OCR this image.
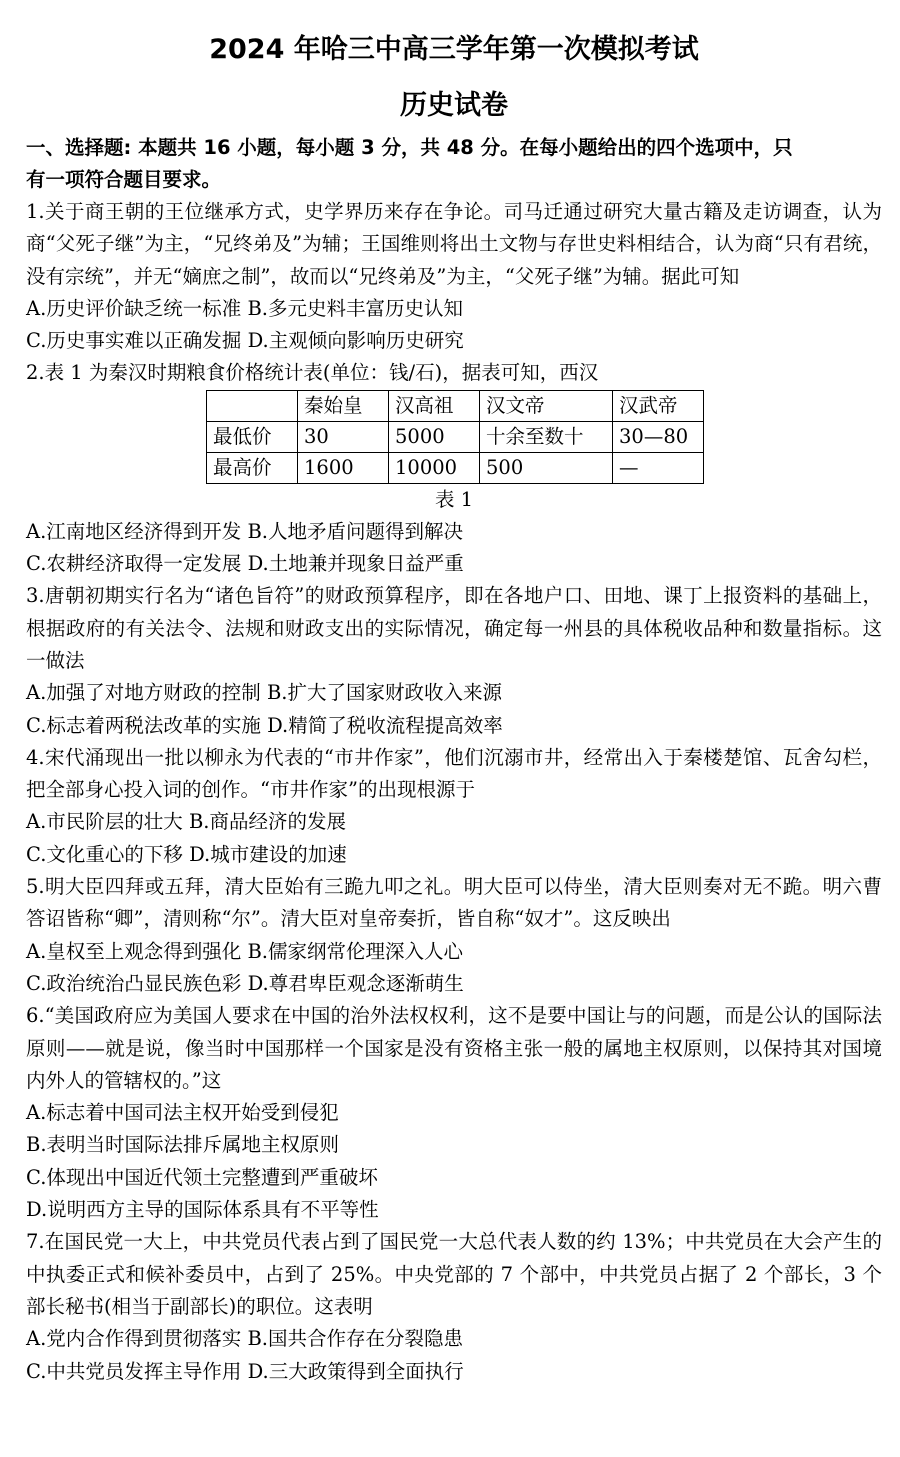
2024 年哈三中高三学年第一次模拟考试
历史试卷

一、选择题: 本题共 16 小题，每小题 3 分，共 48 分。在每小题给出的四个选项中，只

有一项符合题目要求。

1.关于商王朝的王位继承方式，史学界历来存在争论。司马迁通过研究大量古籍及走访调查，认为商“父死子继”为主，“兄终弟及”为辅；王国维则将出土文物与存世史料相结合，认为商“只有君统，没有宗统”，并无“嫡庶之制”，故而以“兄终弟及”为主，“父死子继”为辅。据此可知

A.历史评价缺乏统一标准 B.多元史料丰富历史认知

C.历史事实难以正确发掘 D.主观倾向影响历史研究

2.表 1 为秦汉时期粮食价格统计表(单位：钱/石)，据表可知，西汉

	秦始皇	汉高祖	汉文帝	汉武帝
最低价	30	5000	十余至数十	30—80
最高价	1600	10000	500	—

表 1

A.江南地区经济得到开发 B.人地矛盾问题得到解决

C.农耕经济取得一定发展 D.土地兼并现象日益严重

3.唐朝初期实行名为“诸色旨符”的财政预算程序，即在各地户口、田地、课丁上报资料的基础上，根据政府的有关法令、法规和财政支出的实际情况，确定每一州县的具体税收品种和数量指标。这一做法

A.加强了对地方财政的控制 B.扩大了国家财政收入来源

C.标志着两税法改革的实施 D.精简了税收流程提高效率

4.宋代涌现出一批以柳永为代表的“市井作家”，他们沉溺市井，经常出入于秦楼楚馆、瓦舍勾栏，把全部身心投入词的创作。“市井作家”的出现根源于

A.市民阶层的壮大 B.商品经济的发展

C.文化重心的下移 D.城市建设的加速

5.明大臣四拜或五拜，清大臣始有三跪九叩之礼。明大臣可以侍坐，清大臣则奏对无不跪。明六曹答诏皆称“卿”，清则称“尔”。清大臣对皇帝奏折，皆自称“奴才”。这反映出

A.皇权至上观念得到强化 B.儒家纲常伦理深入人心

C.政治统治凸显民族色彩 D.尊君卑臣观念逐渐萌生

6.“美国政府应为美国人要求在中国的治外法权权利，这不是要中国让与的问题，而是公认的国际法原则——就是说，像当时中国那样一个国家是没有资格主张一般的属地主权原则，以保持其对国境内外人的管辖权的。”这

A.标志着中国司法主权开始受到侵犯

B.表明当时国际法排斥属地主权原则

C.体现出中国近代领土完整遭到严重破坏

D.说明西方主导的国际体系具有不平等性

7.在国民党一大上，中共党员代表占到了国民党一大总代表人数的约 13%；中共党员在大会产生的中执委正式和候补委员中，占到了 25%。中央党部的 7 个部中，中共党员占据了 2 个部长，3 个部长秘书(相当于副部长)的职位。这表明

A.党内合作得到贯彻落实 B.国共合作存在分裂隐患

C.中共党员发挥主导作用 D.三大政策得到全面执行
